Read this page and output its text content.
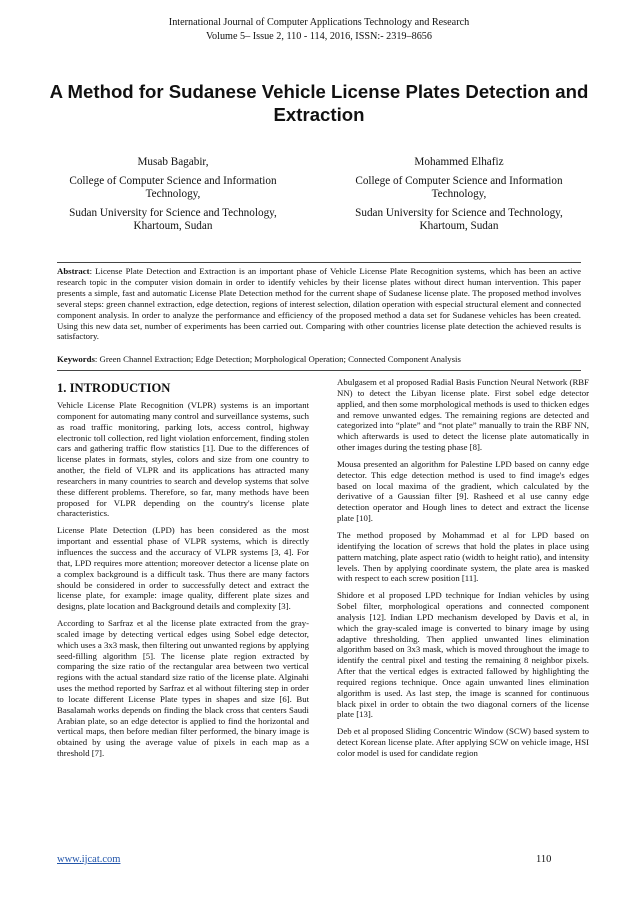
International Journal of Computer Applications Technology and Research
Volume 5– Issue 2, 110 - 114, 2016, ISSN:- 2319–8656
A Method for Sudanese Vehicle License Plates Detection and Extraction
Musab Bagabir,
College of Computer Science and Information Technology,
Sudan University for Science and Technology, Khartoum, Sudan
Mohammed Elhafiz
College of Computer Science and Information Technology,
Sudan University for Science and Technology, Khartoum, Sudan
Abstract: License Plate Detection and Extraction is an important phase of Vehicle License Plate Recognition systems, which has been an active research topic in the computer vision domain in order to identify vehicles by their license plates without direct human intervention. This paper presents a simple, fast and automatic License Plate Detection method for the current shape of Sudanese license plate. The proposed method involves several steps: green channel extraction, edge detection, regions of interest selection, dilation operation with especial structural element and connected component analysis. In order to analyze the performance and efficiency of the proposed method a data set for Sudanese vehicles has been created. Using this new data set, number of experiments has been carried out. Comparing with other countries license plate detection the achieved results is satisfactory.
Keywords: Green Channel Extraction; Edge Detection; Morphological Operation; Connected Component Analysis
1. INTRODUCTION

Vehicle License Plate Recognition (VLPR) systems is an important component for automating many control and surveillance systems, such as road traffic monitoring, parking lots, access control, highway electronic toll collection, red light violation enforcement, finding stolen cars and gathering traffic flow statistics [1]. Due to the differences of license plates in formats, styles, colors and size from one country to another, the field of VLPR and its applications has attracted many researchers in many countries to search and develop systems that solve these different problems. Therefore, so far, many methods have been proposed for VLPR depending on the country's license plate characteristics.

License Plate Detection (LPD) has been considered as the most important and essential phase of VLPR systems, which is directly influences the success and the accuracy of VLPR systems [3, 4]. For that, LPD requires more attention; moreover detector a license plate on a complex background is a difficult task. Thus there are many factors should be considered in order to successfully detect and extract the license plate, for example: image quality, different plate sizes and designs, plate location and Background details and complexity [3].

According to Sarfraz et al the license plate extracted from the gray-scaled image by detecting vertical edges using Sobel edge detector, which uses a 3x3 mask, then filtering out unwanted regions by applying seed-filling algorithm [5]. The license plate region extracted by comparing the size ratio of the rectangular area between two vertical regions with the actual standard size ratio of the license plate. Alginahi uses the method reported by Sarfraz et al without filtering step in order to locate different License Plate types in shapes and size [6]. But Basalamah works depends on finding the black cross that centers Saudi Arabian plate, so an edge detector is applied to find the horizontal and vertical maps, then before median filter performed, the binary image is obtained by using the average value of pixels in each map as a threshold [7].

Abulgasem et al proposed Radial Basis Function Neural Network (RBF NN) to detect the Libyan license plate. First sobel edge detector applied, and then some morphological methods is used to thicken edges and remove unwanted edges. The remaining regions are detected and categorized into “plate” and “not plate” manually to train the RBF NN, which afterwards is used to detect the license plate automatically in other images during the testing phase [8].

Mousa presented an algorithm for Palestine LPD based on canny edge detector. This edge detection method is used to find image's edges based on local maxima of the gradient, which calculated by the derivative of a Gaussian filter [9]. Rasheed et al use canny edge detection operator and Hough lines to detect and extract the license plate [10].

The method proposed by Mohammad et al for LPD based on identifying the location of screws that hold the plates in place using pattern matching, plate aspect ratio (width to height ratio), and intensity levels. Then by applying coordinate system, the plate area is masked with respect to each screw position [11].

Shidore et al proposed LPD technique for Indian vehicles by using Sobel filter, morphological operations and connected component analysis [12]. Indian LPD mechanism developed by Davis et al, in which the gray-scaled image is converted to binary image by using adaptive thresholding. Then applied unwanted lines elimination algorithm based on 3x3 mask, which is moved throughout the image to identify the central pixel and testing the remaining 8 neighbor pixels. After that the vertical edges is extracted fallowed by highlighting the required regions technique. Once again unwanted lines elimination algorithm is used. As last step, the image is scanned for continuous black pixel in order to obtain the two diagonal corners of the license plate [13].

Deb et al proposed Sliding Concentric Window (SCW) based system to detect Korean license plate. After applying SCW on vehicle image, HSI color model is used for candidate region

www.ijcat.com	110
